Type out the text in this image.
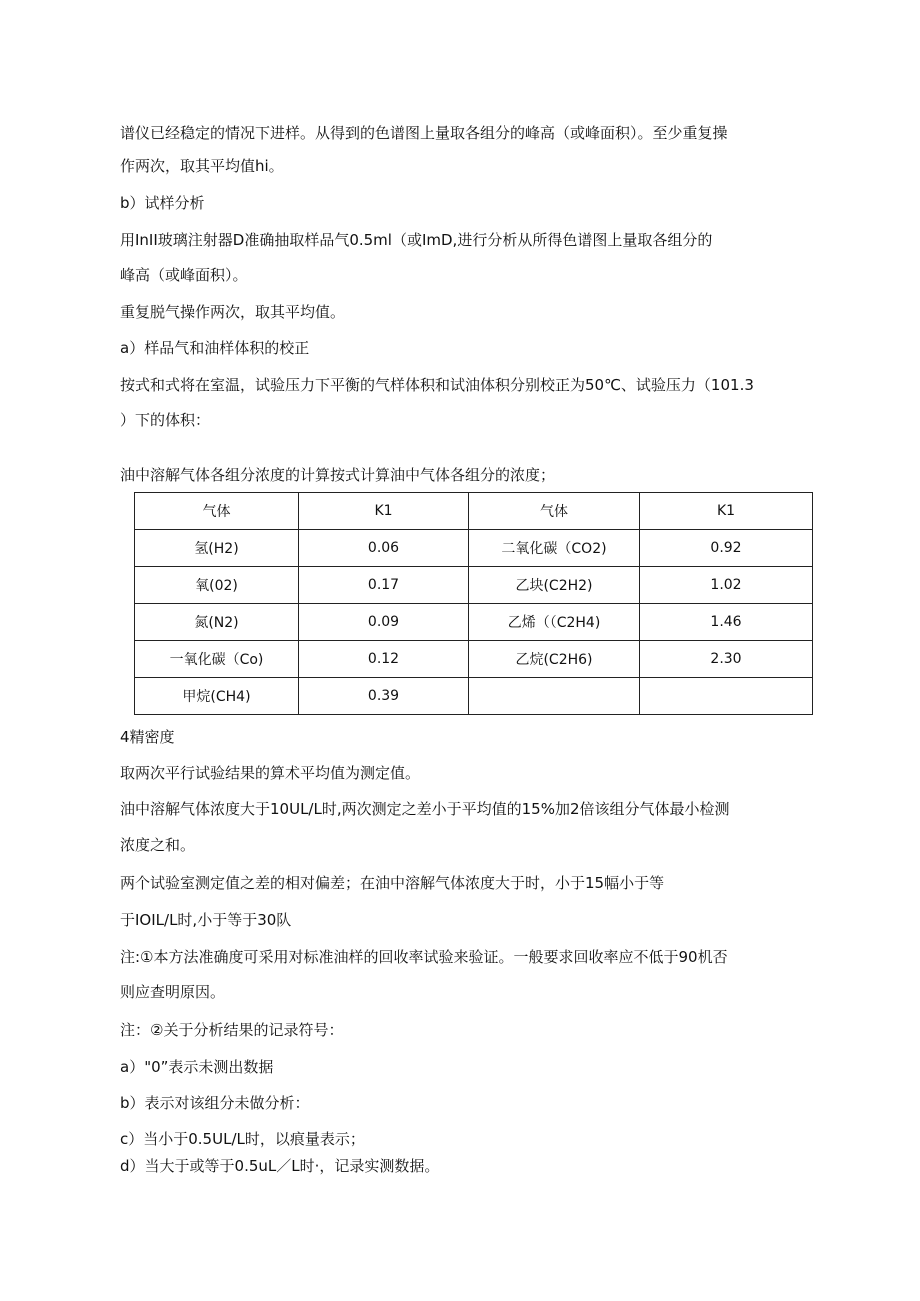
谱仪已经稳定的情况下进样。从得到的色谱图上量取各组分的峰高（或峰面积）。至少重复操
作两次，取其平均值hi。
b）试样分析
用InII玻璃注射器D准确抽取样品气0.5ml（或ImD,进行分析从所得色谱图上量取各组分的
峰高（或峰面积）。
重复脱气操作两次，取其平均值。
a）样品气和油样体积的校正
按式和式将在室温，试验压力下平衡的气样体积和试油体积分别校正为50℃、试验压力（101.3
）下的体积：
油中溶解气体各组分浓度的计算按式计算油中气体各组分的浓度；
气体	K1	气体	K1
氢(H2)	0.06	二氧化碳（CO2)	0.92
氧(02)	0.17	乙块(C2H2)	1.02
氮(N2)	0.09	乙烯（（C2H4)	1.46
一氧化碳（Co)	0.12	乙烷(C2H6)	2.30
甲烷(CH4)	0.39		
4精密度
取两次平行试验结果的算术平均值为测定值。
油中溶解气体浓度大于10UL/L时,两次测定之差小于平均值的15%加2倍该组分气体最小检测
浓度之和。
两个试验室测定值之差的相对偏差；在油中溶解气体浓度大于时，小于15幅小于等
于IOIL/L时,小于等于30队
注:①本方法准确度可采用对标准油样的回收率试验来验证。一般要求回收率应不低于90机否
则应查明原因。
注：②关于分析结果的记录符号：
a）"0”表示未测出数据
b）表示对该组分未做分析：
c）当小于0.5UL/L时，以痕量表示；
d）当大于或等于0.5uL／L时·，记录实测数据。
